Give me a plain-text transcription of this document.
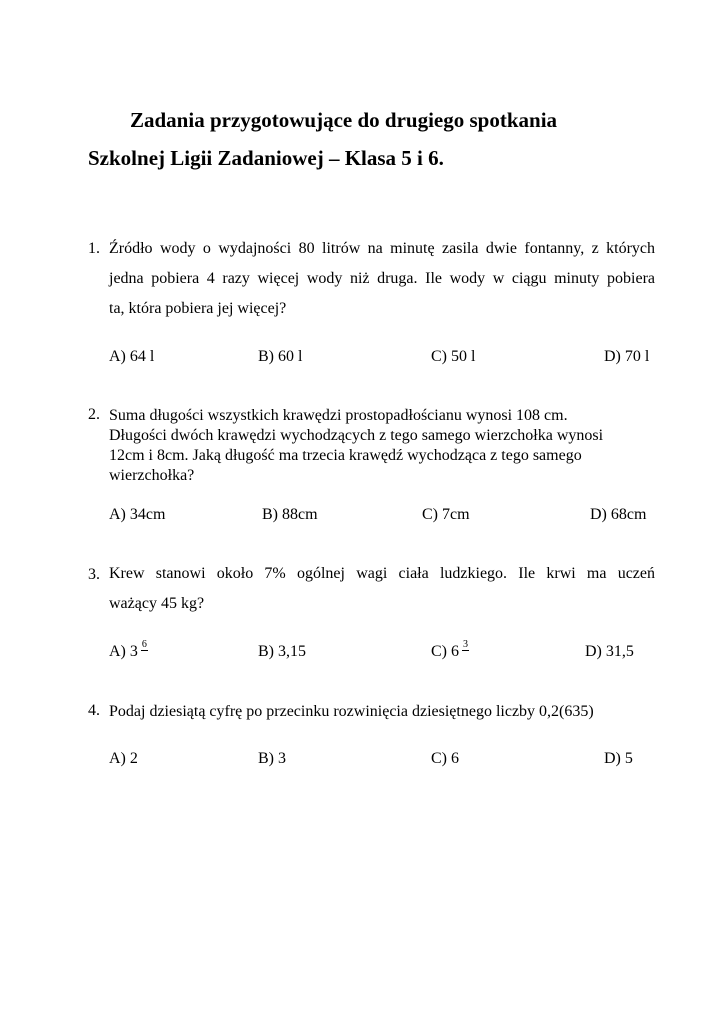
Zadania przygotowujące do drugiego spotkania
Szkolnej Ligii Zadaniowej – Klasa 5 i 6.
1. Źródło wody o wydajności 80 litrów na minutę zasila dwie fontanny, z których
jedna pobiera 4 razy więcej wody niż druga. Ile wody w ciągu minuty pobiera
ta, która pobiera jej więcej?
A) 64 l	B) 60 l	C) 50 l	D) 70 l
2. Suma długości wszystkich krawędzi prostopadłościanu wynosi 108 cm.
Długości dwóch krawędzi wychodzących z tego samego wierzchołka wynosi
12cm i 8cm. Jaką długość ma trzecia krawędź wychodząca z tego samego
wierzchołka?
A) 34cm	B) 88cm	C) 7cm	D) 68cm
3. Krew stanowi około 7% ogólnej wagi ciała ludzkiego. Ile krwi ma uczeń
ważący 45 kg?
A) 3 6	B) 3,15	C) 6 3	D) 31,5
4. Podaj dziesiątą cyfrę po przecinku rozwinięcia dziesiętnego liczby 0,2(635)
A) 2	B) 3	C) 6	D) 5
